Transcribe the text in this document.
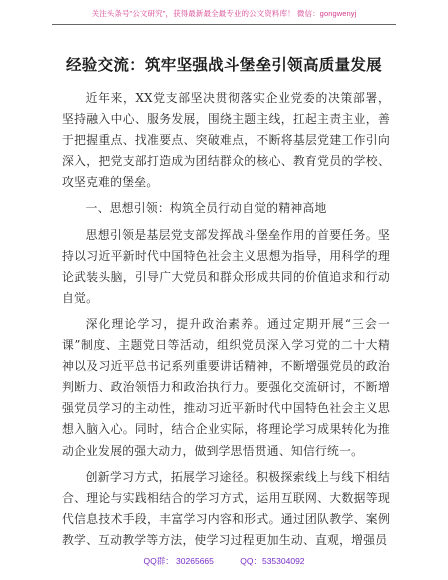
关注头条号"公文研究"，获得最新最全最专业的公文资料库！ 微信：gongwenyj
经验交流：筑牢坚强战斗堡垒引领高质量发展

近年来，XX党支部坚决贯彻落实企业党委的决策部署，坚持融入中心、服务发展，围绕主题主线，扛起主责主业，善于把握重点、找准要点、突破难点，不断将基层党建工作引向深入，把党支部打造成为团结群众的核心、教育党员的学校、攻坚克难的堡垒。

一、思想引领：构筑全员行动自觉的精神高地

思想引领是基层党支部发挥战斗堡垒作用的首要任务。坚持以习近平新时代中国特色社会主义思想为指导，用科学的理论武装头脑，引导广大党员和群众形成共同的价值追求和行动自觉。

深化理论学习，提升政治素养。通过定期开展“三会一课”制度、主题党日等活动，组织党员深入学习党的二十大精神以及习近平总书记系列重要讲话精神，不断增强党员的政治判断力、政治领悟力和政治执行力。要强化交流研讨，不断增强党员学习的主动性，推动习近平新时代中国特色社会主义思想入脑入心。同时，结合企业实际，将理论学习成果转化为推动企业发展的强大动力，做到学思悟贯通、知信行统一。

创新学习方式，拓展学习途径。积极探索线上与线下相结合、理论与实践相结合的学习方式，运用互联网、大数据等现代信息技术手段，丰富学习内容和形式。通过团队教学、案例教学、互动教学等方法，使学习过程更加生动、直观，增强员

QQ群： 30265665	QQ：535304092
